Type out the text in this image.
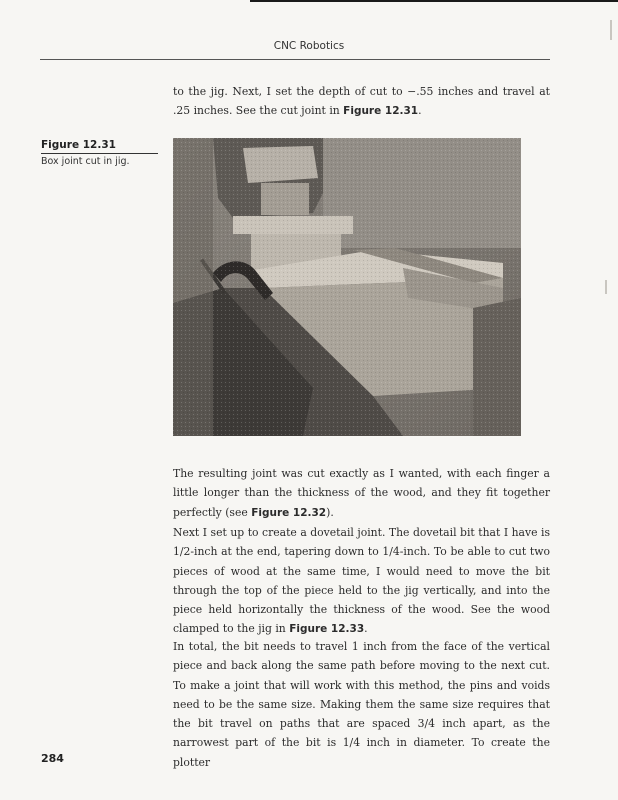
CNC Robotics

to the jig. Next, I set the depth of cut to −.55 inches and travel at .25 inches. See the cut joint in Figure 12.31.

Figure 12.31
Box joint cut in jig.

The resulting joint was cut exactly as I wanted, with each finger a little longer than the thickness of the wood, and they fit together perfectly (see Figure 12.32).

Next I set up to create a dovetail joint. The dovetail bit that I have is 1/2-inch at the end, tapering down to 1/4-inch. To be able to cut two pieces of wood at the same time, I would need to move the bit through the top of the piece held to the jig vertically, and into the piece held horizontally the thickness of the wood. See the wood clamped to the jig in Figure 12.33.

In total, the bit needs to travel 1 inch from the face of the vertical piece and back along the same path before moving to the next cut. To make a joint that will work with this method, the pins and voids need to be the same size. Making them the same size requires that the bit travel on paths that are spaced 3/4 inch apart, as the narrowest part of the bit is 1/4 inch in diameter. To create the plotter

284
